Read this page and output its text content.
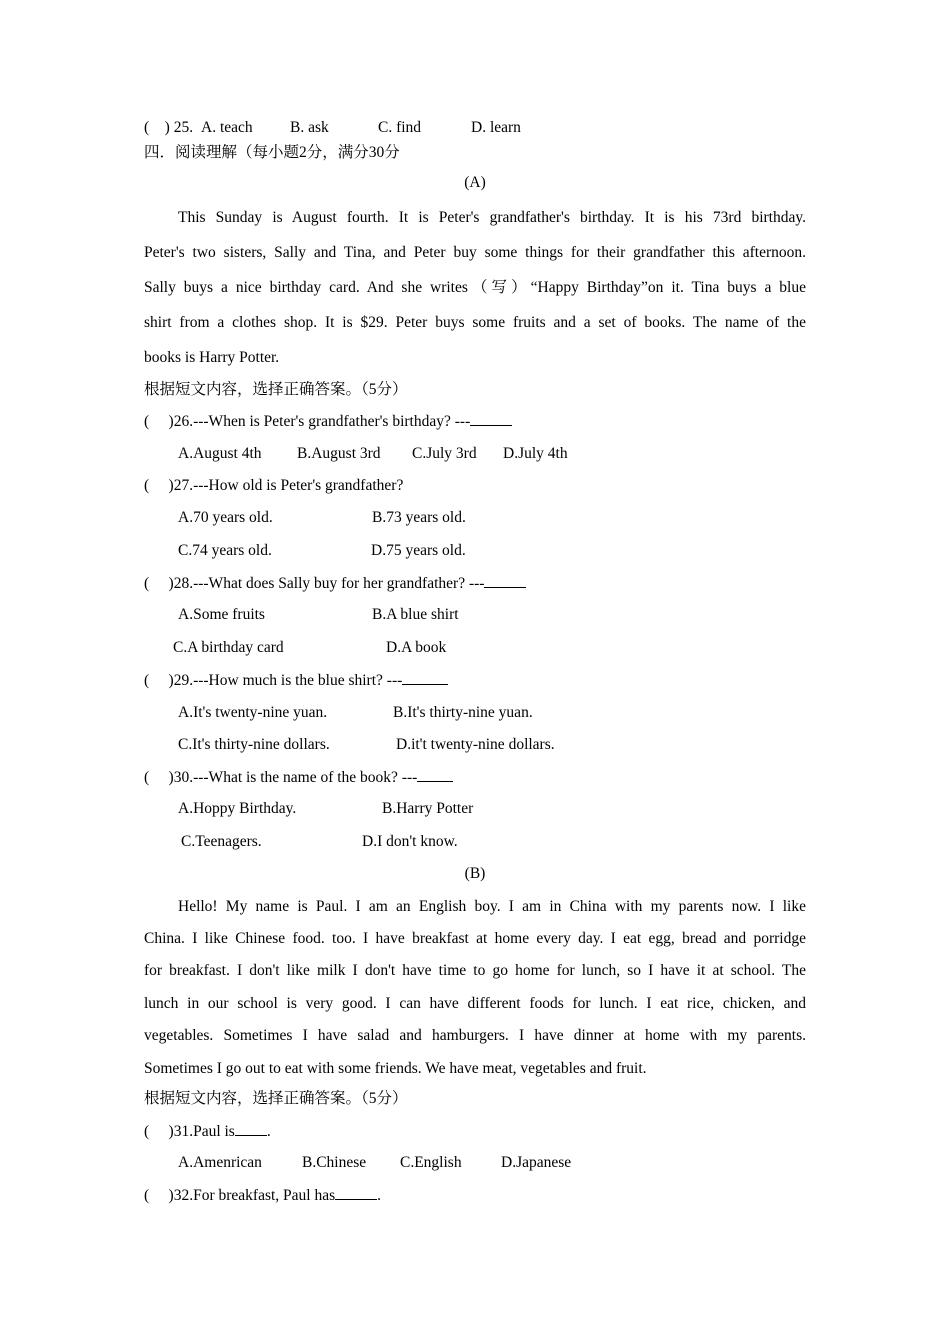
(    ) 25. A. teach B. ask	C. find	D. learn
四．阅读理解（每小题2分，满分30分
(A)
This Sunday is August fourth. It is Peter's grandfather's birthday. It is his 73rd birthday.
Peter's two sisters, Sally and Tina, and Peter buy some things for their grandfather this afternoon.
Sally buys a nice birthday card. And she writes（写）“Happy Birthday”on it. Tina buys a blue
shirt from a clothes shop. It is $29. Peter buys some fruits and a set of books. The name of the
books is Harry Potter.
根据短文内容，选择正确答案。（5分）
(     )26.---When is Peter's grandfather's birthday? ---
A.August 4th B.August 3rd C.July 3rd D.July 4th
(     )27.---How old is Peter's grandfather?
A.70 years old.	B.73 years old.
C.74 years old.	D.75 years old.
(     )28.---What does Sally buy for her grandfather? ---
A.Some fruits	B.A blue shirt
C.A birthday card	D.A book
(     )29.---How much is the blue shirt? ---
A.It's twenty-nine yuan.	B.It's thirty-nine yuan.
C.It's thirty-nine dollars.	D.it't twenty-nine dollars.
(     )30.---What is the name of the book? ---
A.Hoppy Birthday.	B.Harry Potter
C.Teenagers.	D.I don't know.
(B)
Hello! My name is Paul. I am an English boy. I am in China with my parents now. I like
China. I like Chinese food. too. I have breakfast at home every day. I eat egg, bread and porridge
for breakfast. I don't like milk I don't have time to go home for lunch, so I have it at school. The
lunch in our school is very good. I can have different foods for lunch. I eat rice, chicken, and
vegetables. Sometimes I have salad and hamburgers. I have dinner at home with my parents.
Sometimes I go out to eat with some friends. We have meat, vegetables and fruit.
根据短文内容，选择正确答案。（5分）
(     )31.Paul is .
A.Amenrican	B.Chinese C.English	D.Japanese
(     )32.For breakfast, Paul has	.
